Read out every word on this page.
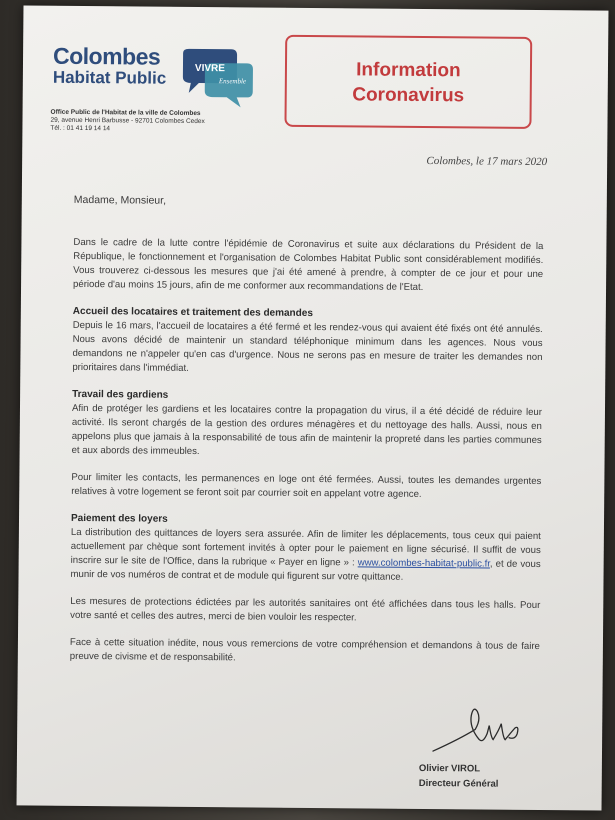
Colombes
Habitat Public	VIVRE
Ensemble
Office Public de l'Habitat de la ville de Colombes
29, avenue Henri Barbusse - 92701 Colombes Cedex
Tél. : 01 41 19 14 14
Information
Coronavirus
Colombes, le 17 mars 2020
Madame, Monsieur,

Dans le cadre de la lutte contre l'épidémie de Coronavirus et suite aux déclarations du Président de la République, le fonctionnement et l'organisation de Colombes Habitat Public sont considérablement modifiés. Vous trouverez ci-dessous les mesures que j'ai été amené à prendre, à compter de ce jour et pour une période d'au moins 15 jours, afin de me conformer aux recommandations de l'Etat.

Accueil des locataires et traitement des demandes

Depuis le 16 mars, l'accueil de locataires a été fermé et les rendez-vous qui avaient été fixés ont été annulés. Nous avons décidé de maintenir un standard téléphonique minimum dans les agences. Nous vous demandons ne n'appeler qu'en cas d'urgence. Nous ne serons pas en mesure de traiter les demandes non prioritaires dans l'immédiat.

Travail des gardiens

Afin de protéger les gardiens et les locataires contre la propagation du virus, il a été décidé de réduire leur activité. Ils seront chargés de la gestion des ordures ménagères et du nettoyage des halls. Aussi, nous en appelons plus que jamais à la responsabilité de tous afin de maintenir la propreté dans les parties communes et aux abords des immeubles.

Pour limiter les contacts, les permanences en loge ont été fermées. Aussi, toutes les demandes urgentes relatives à votre logement se feront soit par courrier soit en appelant votre agence.

Paiement des loyers

La distribution des quittances de loyers sera assurée. Afin de limiter les déplacements, tous ceux qui paient actuellement par chèque sont fortement invités à opter pour le paiement en ligne sécurisé. Il suffit de vous inscrire sur le site de l'Office, dans la rubrique « Payer en ligne » : www.colombes-habitat-public.fr, et de vous munir de vos numéros de contrat et de module qui figurent sur votre quittance.

Les mesures de protections édictées par les autorités sanitaires ont été affichées dans tous les halls. Pour votre santé et celles des autres, merci de bien vouloir les respecter.

Face à cette situation inédite, nous vous remercions de votre compréhension et demandons à tous de faire preuve de civisme et de responsabilité.

Olivier VIROL
Directeur Général
